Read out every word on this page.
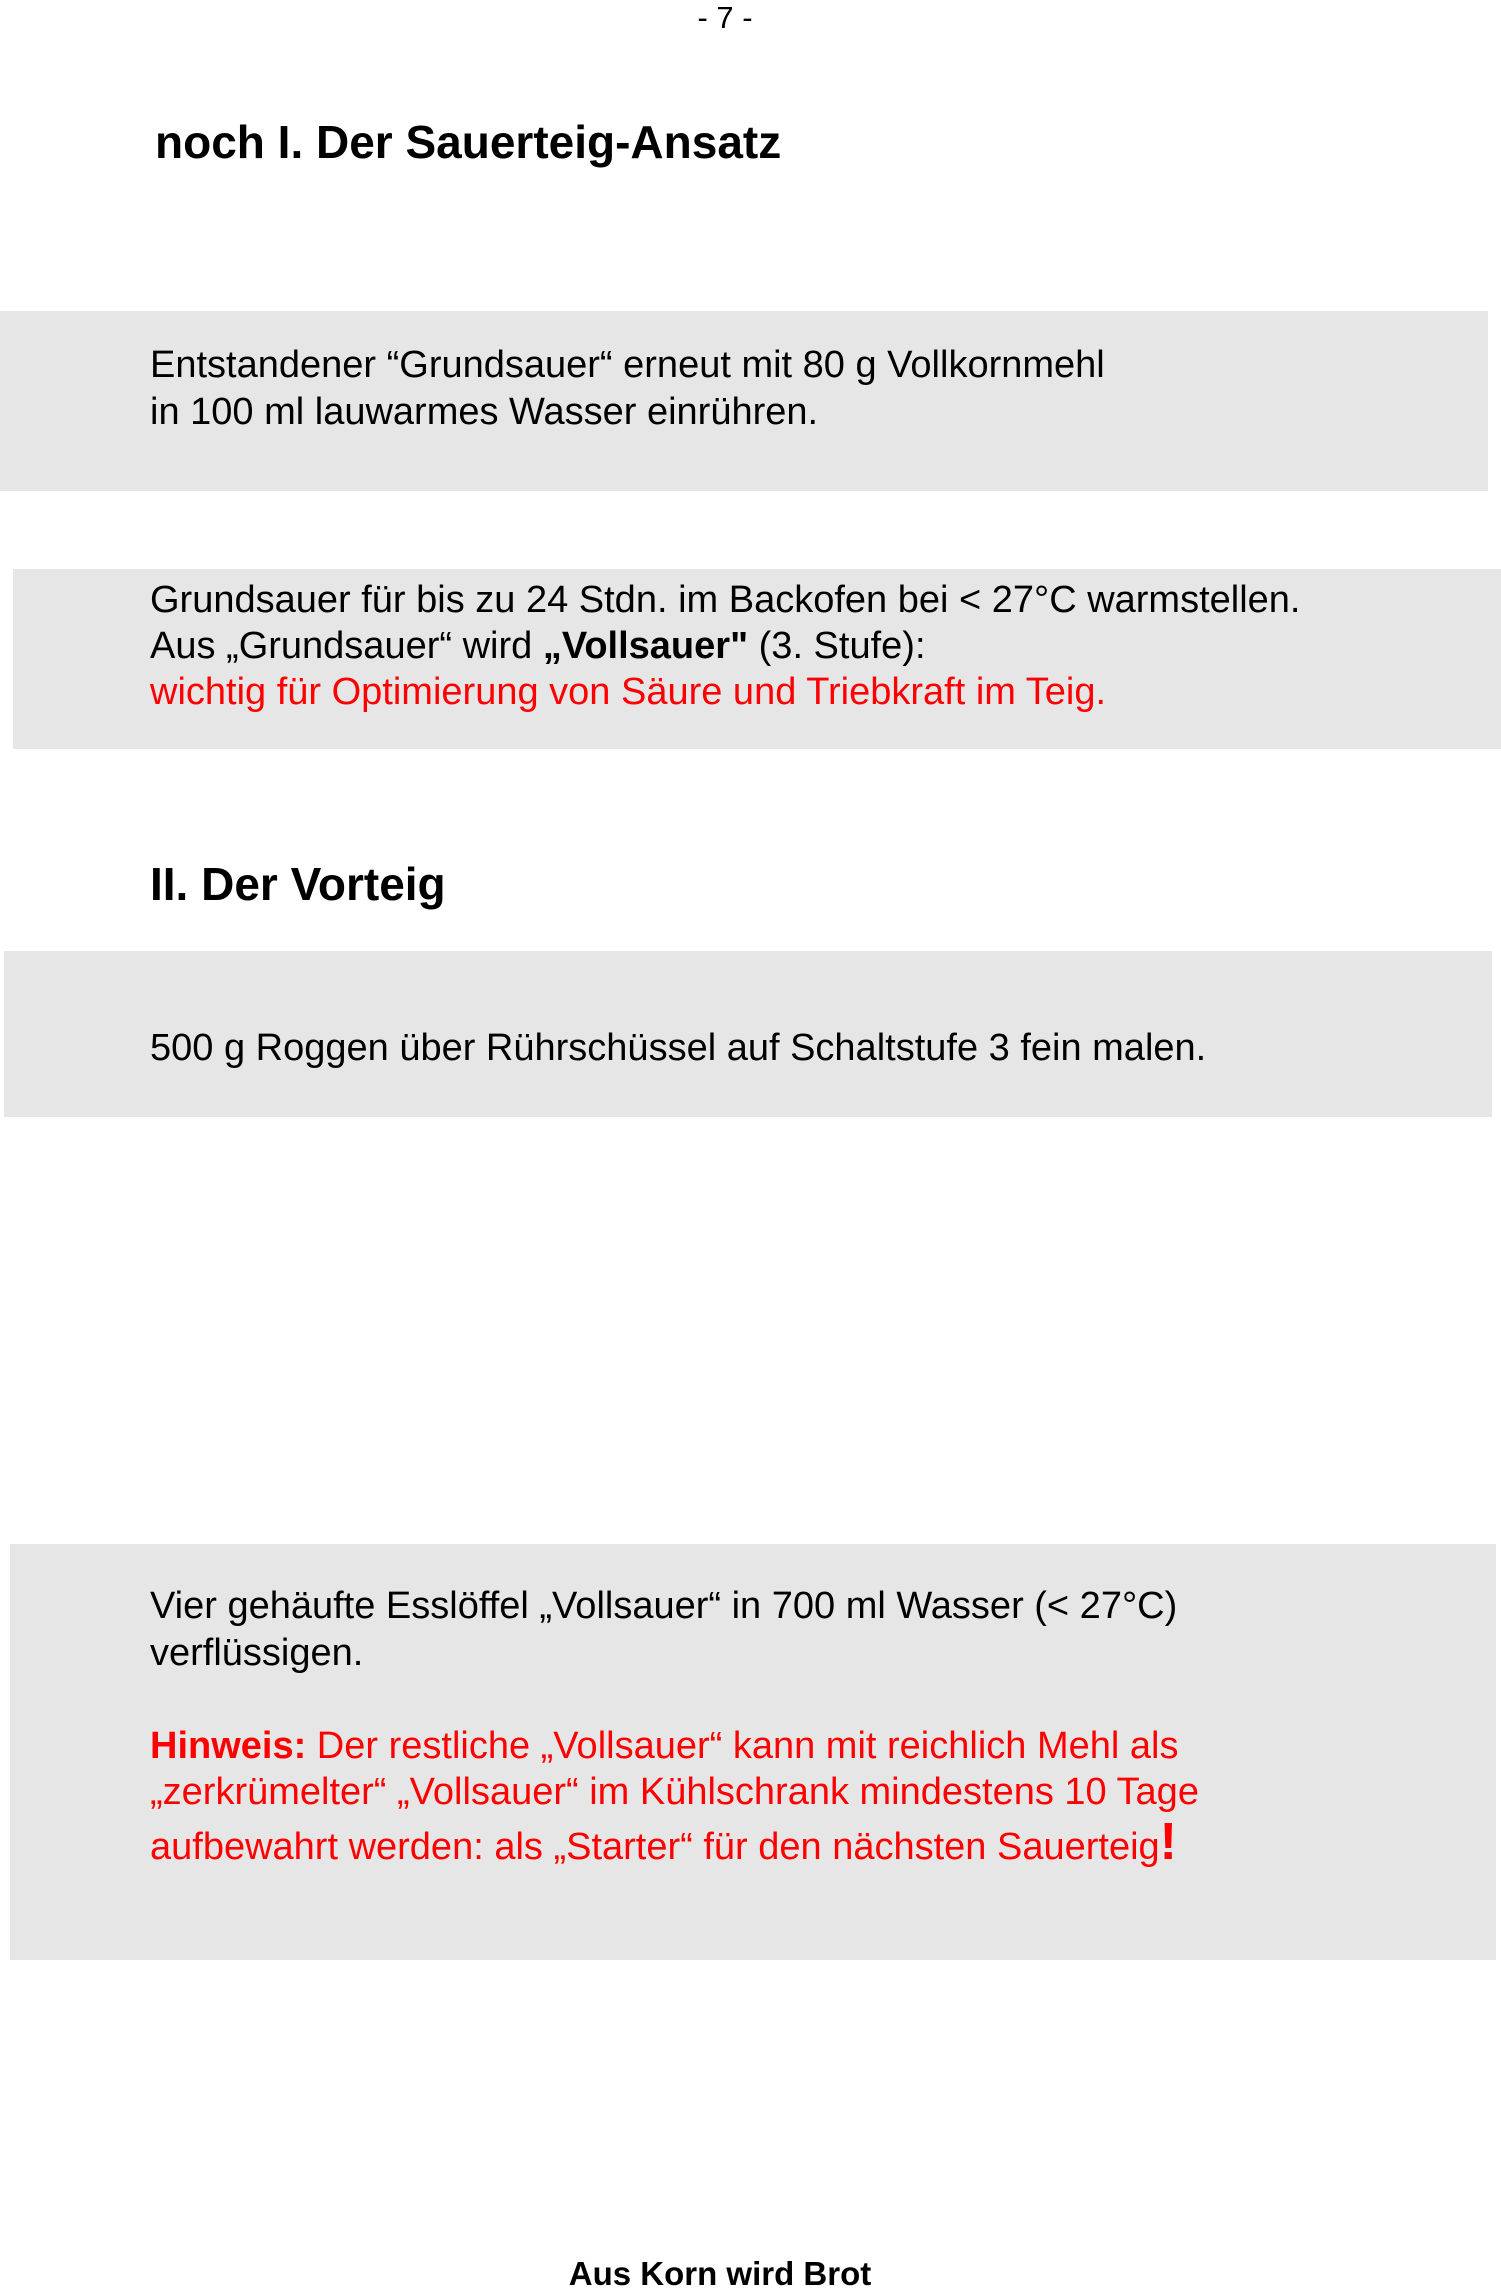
- 7 -
noch I. Der Sauerteig-Ansatz
Entstandener “Grundsauer“ erneut mit 80 g Vollkornmehl
in 100 ml lauwarmes Wasser einrühren.
Grundsauer für bis zu 24 Stdn. im Backofen bei < 27°C warmstellen.
Aus „Grundsauer“ wird „Vollsauer" (3. Stufe):
wichtig für Optimierung von Säure und Triebkraft im Teig.
II. Der Vorteig
500 g Roggen über Rührschüssel auf Schaltstufe 3 fein malen.
Vier gehäufte Esslöffel „Vollsauer“ in 700 ml Wasser (< 27°C)
verflüssigen.
Hinweis: Der restliche „Vollsauer“ kann mit reichlich Mehl als
„zerkrümelter“ „Vollsauer“ im Kühlschrank mindestens 10 Tage
aufbewahrt werden: als „Starter“ für den nächsten Sauerteig!
Aus Korn wird Brot
